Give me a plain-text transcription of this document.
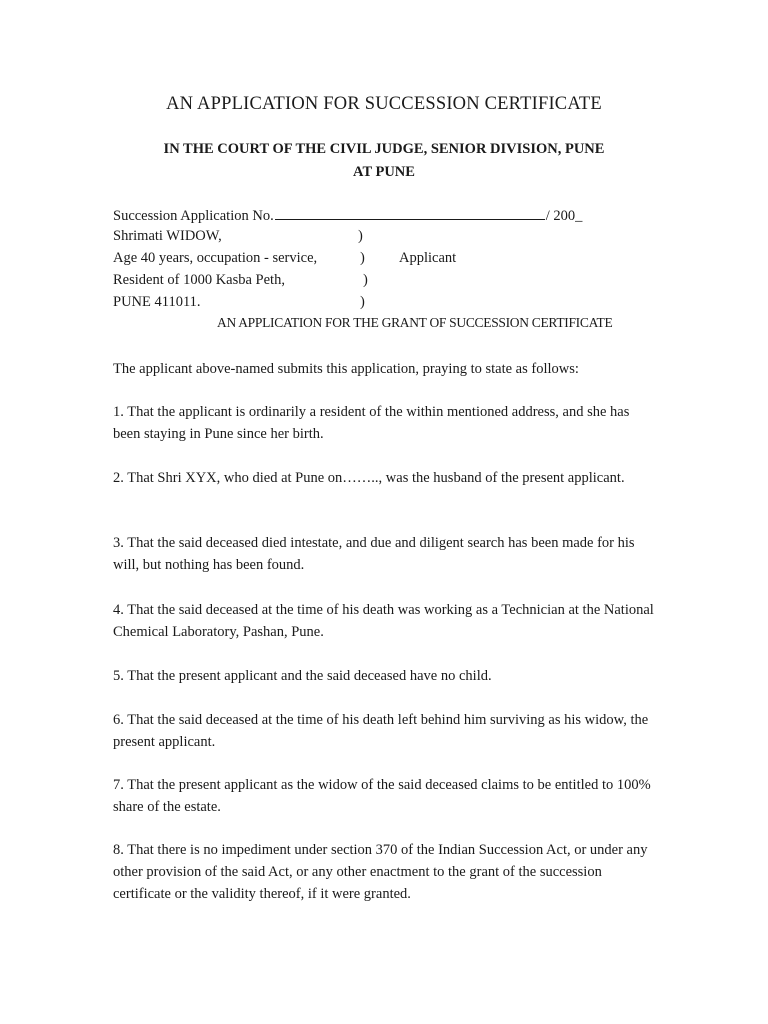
AN APPLICATION FOR SUCCESSION CERTIFICATE
IN THE COURT OF THE CIVIL JUDGE, SENIOR DIVISION, PUNE
AT PUNE
Succession Application No.	/ 200_
Shrimati WIDOW,
Age 40 years, occupation - service,
Resident of 1000 Kasba Peth,
PUNE 411011.
)
)
)
)
Applicant
AN APPLICATION FOR THE GRANT OF SUCCESSION CERTIFICATE
The applicant above-named submits this application, praying to state as follows:
1. That the applicant is ordinarily a resident of the within mentioned address, and she has been staying in Pune since her birth.
2. That Shri XYX, who died at Pune on…….., was the husband of the present applicant.
3. That the said deceased died intestate, and due and diligent search has been made for his will, but nothing has been found.
4. That the said deceased at the time of his death was working as a Technician at the National Chemical Laboratory, Pashan, Pune.
5. That the present applicant and the said deceased have no child.
6. That the said deceased at the time of his death left behind him surviving as his widow, the present applicant.
7. That the present applicant as the widow of the said deceased claims to be entitled to 100% share of the estate.
8. That there is no impediment under section 370 of the Indian Succession Act, or under any other provision of the said Act, or any other enactment to the grant of the succession certificate or the validity thereof, if it were granted.
